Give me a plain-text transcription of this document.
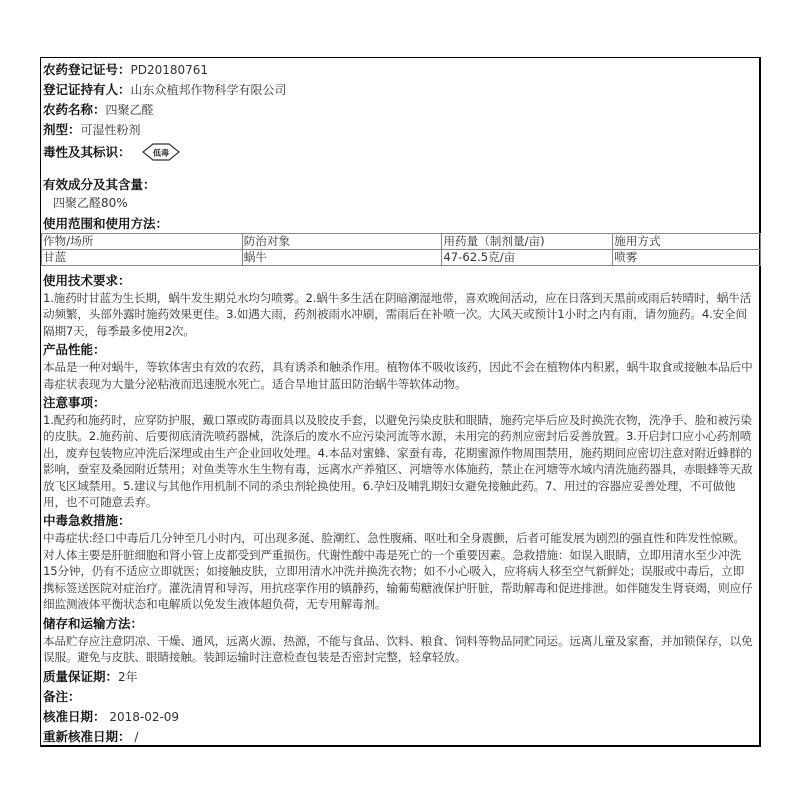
农药登记证号：PD20180761
登记证持有人：山东众植邦作物科学有限公司
农药名称：四聚乙醛
剂型：可湿性粉剂
毒性及其标识：	低毒
有效成分及其含量：
四聚乙醛80%
使用范围和使用方法：
作物/场所	防治对象	用药量（制剂量/亩)	施用方式
甘蓝	蜗牛	47-62.5克/亩	喷雾
使用技术要求：
1.施药时甘蓝为生长期，蜗牛发生期兑水均匀喷雾。2.蜗牛多生活在阴暗潮湿地带，喜欢晚间活动，应在日落到天黑前或雨后转晴时，蜗牛活动频繁，头部外露时施药效果更佳。3.如遇大雨，药剂被雨水冲刷，需雨后在补喷一次。大风天或预计1小时之内有雨，请勿施药。4.安全间隔期7天，每季最多使用2次。
产品性能：
本品是一种对蜗牛，等软体害虫有效的农药，具有诱杀和触杀作用。植物体不吸收该药，因此不会在植物体内积累，蜗牛取食或接触本品后中毒症状表现为大量分泌粘液而迅速脱水死亡。适合旱地甘蓝田防治蜗牛等软体动物。
注意事项：
1.配药和施药时，应穿防护服，戴口罩或防毒面具以及胶皮手套，以避免污染皮肤和眼睛，施药完毕后应及时换洗衣物，洗净手、脸和被污染的皮肤。2.施药前、后要彻底清洗喷药器械，洗涤后的废水不应污染河流等水源，未用完的药剂应密封后妥善放置。3.开启封口应小心药剂喷出，废弃包装物应冲洗后深埋或由生产企业回收处理。4.本品对蜜蜂、家蚕有毒，花期蜜源作物周围禁用，施药期间应密切注意对附近蜂群的影响，蚕室及桑园附近禁用；对鱼类等水生生物有毒，远离水产养殖区、河塘等水体施药，禁止在河塘等水域内清洗施药器具，赤眼蜂等天敌放飞区域禁用。5.建议与其他作用机制不同的杀虫剂轮换使用。6.孕妇及哺乳期妇女避免接触此药。7、用过的容器应妥善处理，不可做他用，也不可随意丢弃。
中毒急救措施：
中毒症状:经口中毒后几分钟至几小时内，可出现多涎、脸潮红、急性腹痛、呕吐和全身震颤，后者可能发展为剧烈的强直性和阵发性惊厥。对人体主要是肝脏细胞和肾小管上皮都受到严重损伤。代谢性酸中毒是死亡的一个重要因素。急救措施：如误入眼睛，立即用清水至少冲洗15分钟，仍有不适应立即就医；如接触皮肤，立即用清水冲洗并换洗衣物；如不小心吸入，应将病人移至空气新鲜处；误服或中毒后，立即携标签送医院对症治疗。灌洗清胃和导泻，用抗痉挛作用的镇静药，输葡萄糖液保护肝脏，帮助解毒和促进排泄。如伴随发生肾衰竭，则应仔细监测液体平衡状态和电解质以免发生液体超负荷，无专用解毒剂。
储存和运输方法：
本品贮存应注意阴凉、干燥、通风，远离火源、热源，不能与食品、饮料、粮食、饲料等物品同贮同运。远离儿童及家畜，并加锁保存，以免误服。避免与皮肤、眼睛接触。装卸运输时注意检查包装是否密封完整，轻拿轻放。
质量保证期：2年
备注：
核准日期： 2018-02-09
重新核准日期： /
